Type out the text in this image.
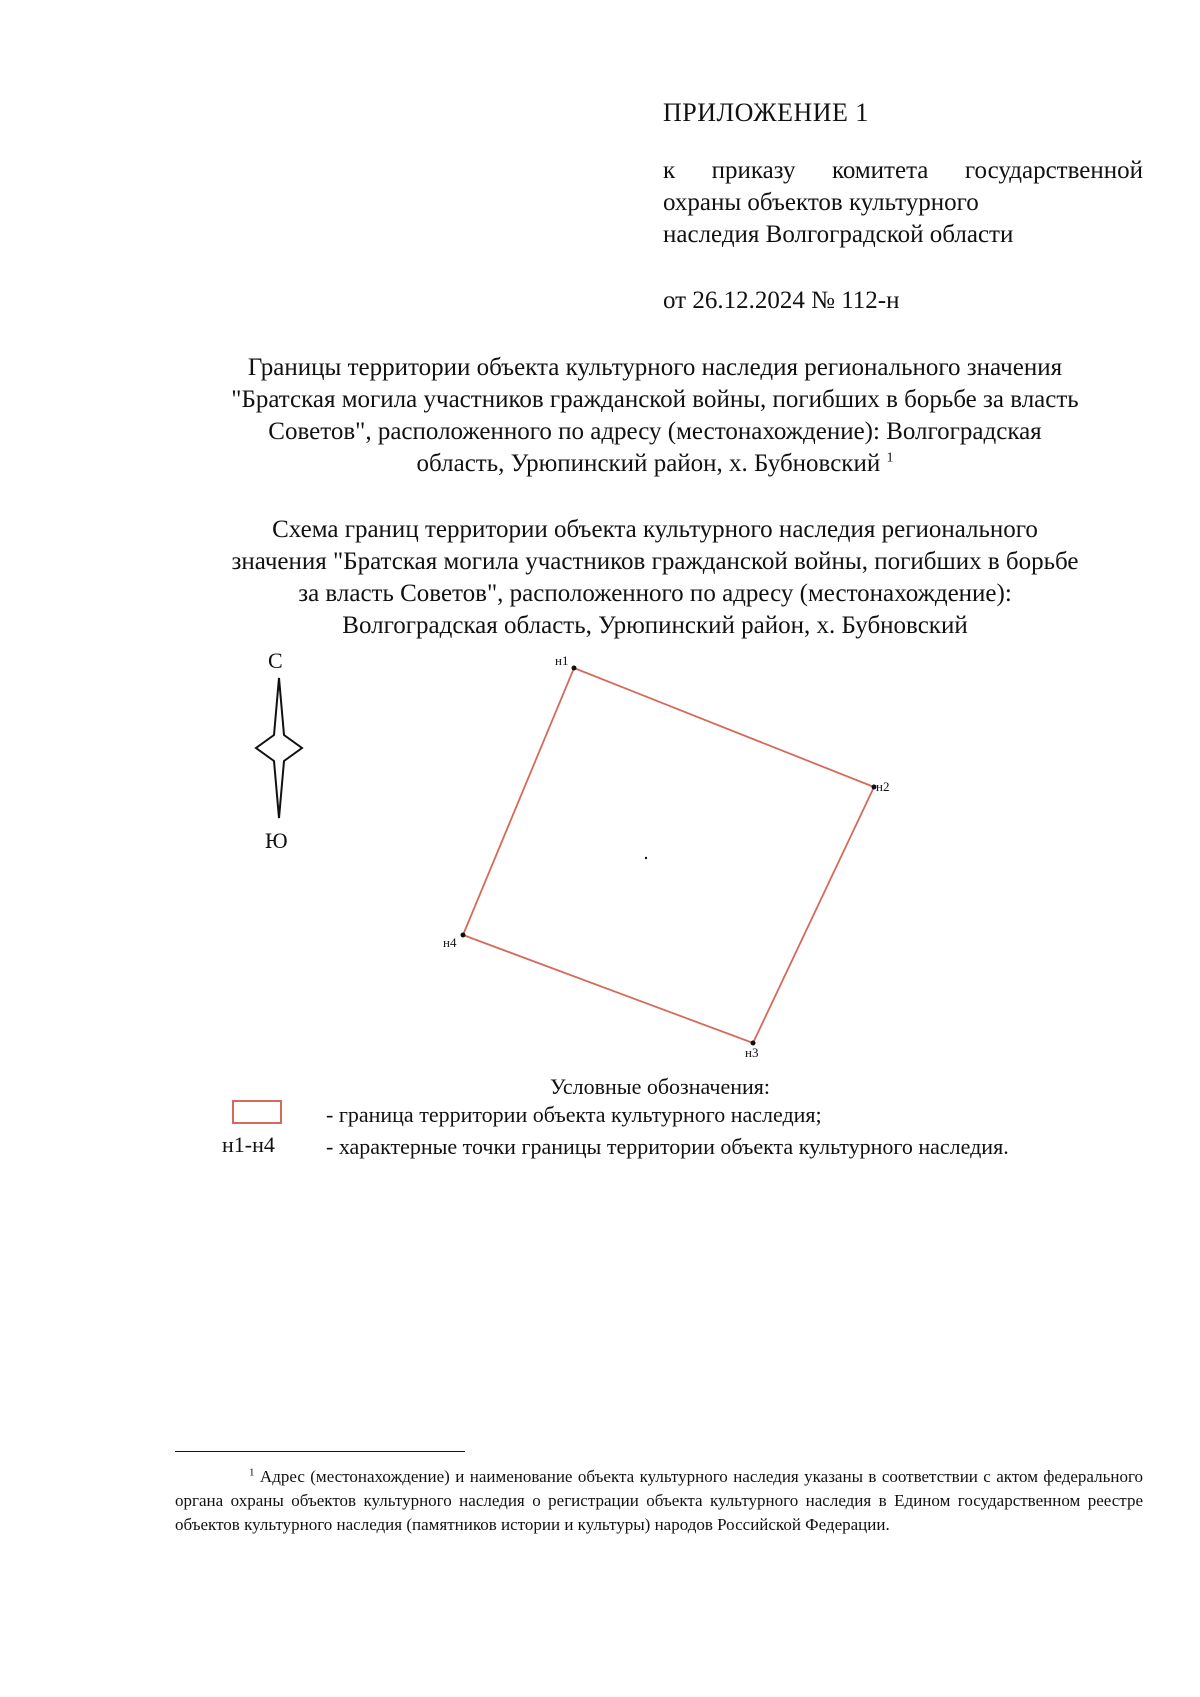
ПРИЛОЖЕНИЕ 1
к приказу комитета государственной
охраны объектов культурного
наследия Волгоградской области
от 26.12.2024 № 112-н
Границы территории объекта культурного наследия регионального значения
"Братская могила участников гражданской войны, погибших в борьбе за власть
Советов", расположенного по адресу (местонахождение): Волгоградская
область, Урюпинский район, х. Бубновский $^1$
Схема границ территории объекта культурного наследия регионального
значения "Братская могила участников гражданской войны, погибших в борьбе
за власть Советов", расположенного по адресу (местонахождение):
Волгоградская область, Урюпинский район, х. Бубновский
С
Ю
н1
н2
н3
н4
Условные обозначения:
- граница территории объекта культурного наследия;
н1-н4 - характерные точки границы территории объекта культурного наследия.
$^1$ Адрес (местонахождение) и наименование объекта культурного наследия указаны в соответствии с актом федерального органа охраны объектов культурного наследия о регистрации объекта культурного наследия в Едином государственном реестре объектов культурного наследия (памятников истории и культуры) народов Российской Федерации.
